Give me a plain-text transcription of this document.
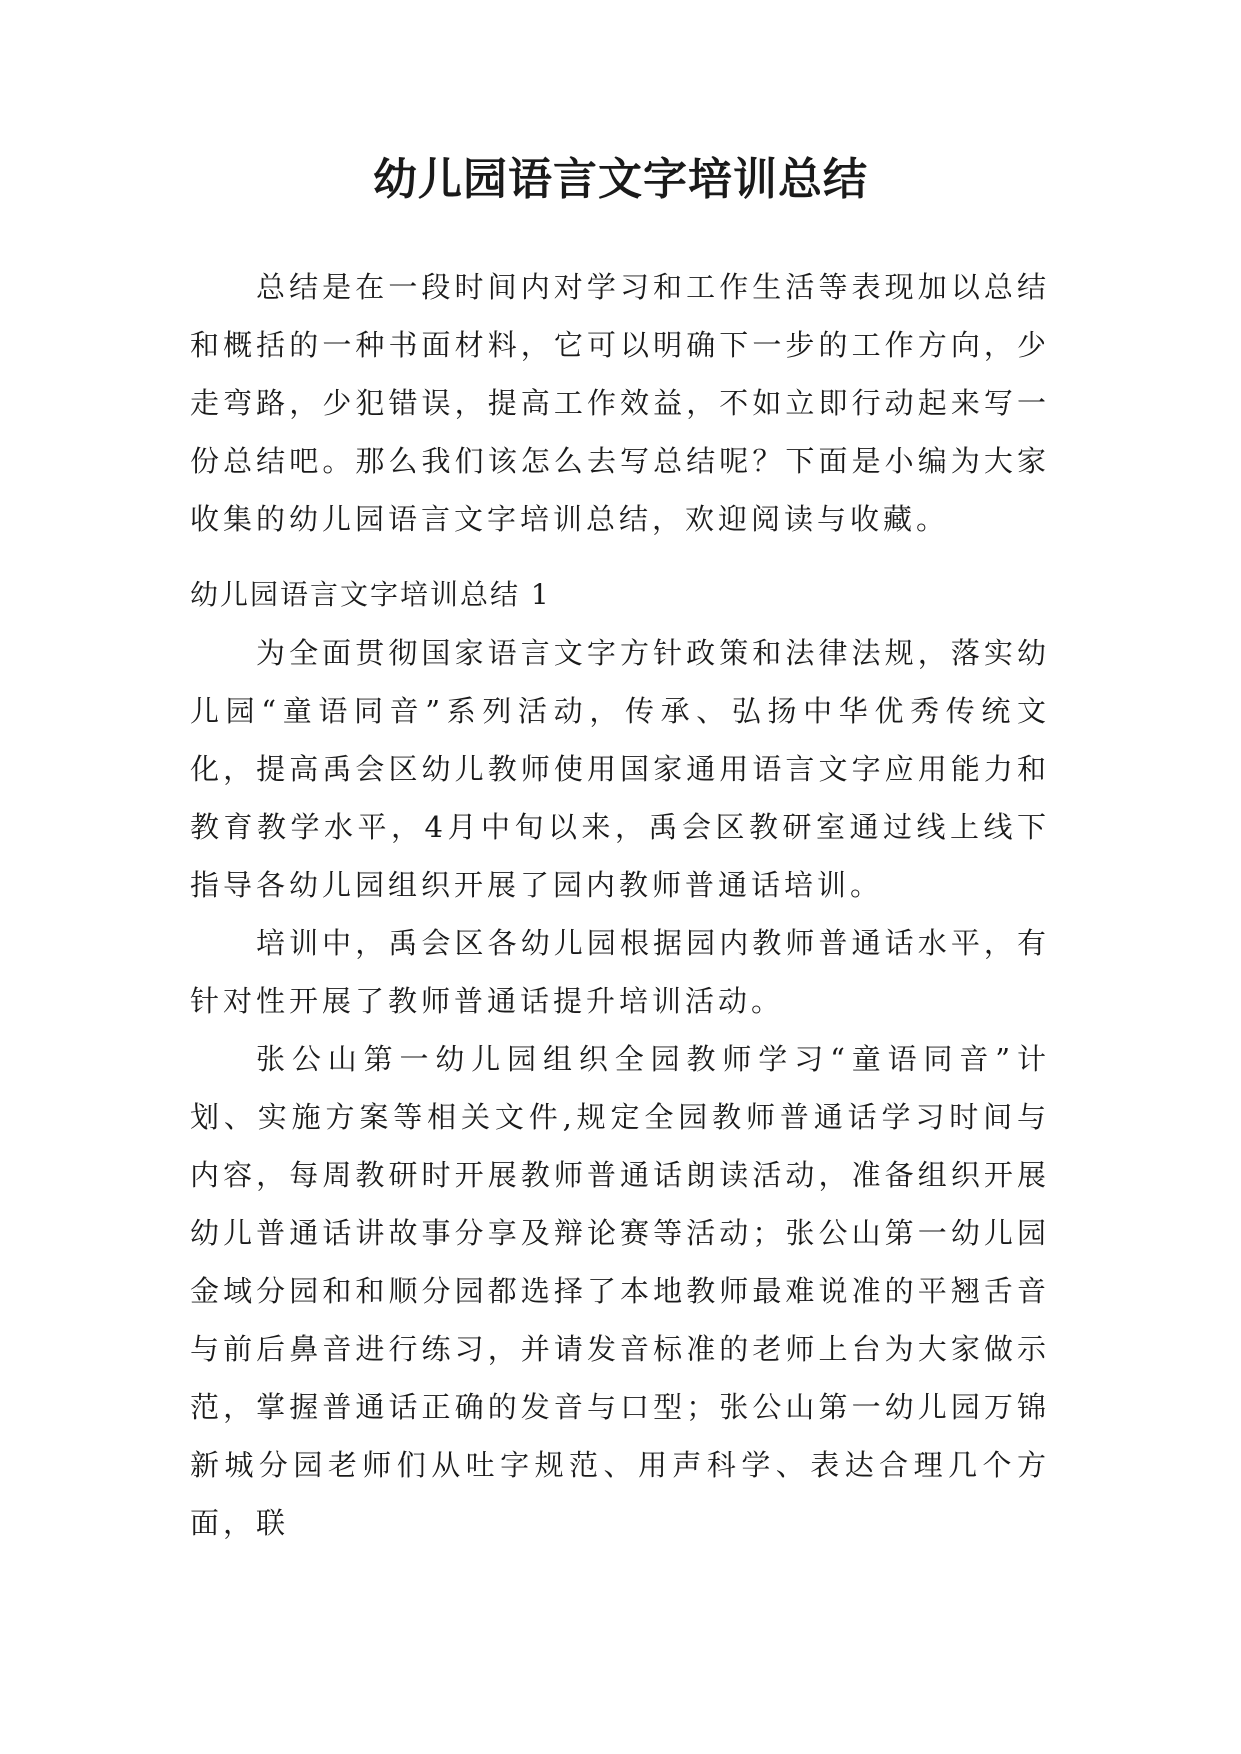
幼儿园语言文字培训总结

总结是在一段时间内对学习和工作生活等表现加以总结和概括的一种书面材料，它可以明确下一步的工作方向，少走弯路，少犯错误，提高工作效益，不如立即行动起来写一份总结吧。那么我们该怎么去写总结呢？下面是小编为大家收集的幼儿园语言文字培训总结，欢迎阅读与收藏。

幼儿园语言文字培训总结 1

为全面贯彻国家语言文字方针政策和法律法规，落实幼儿园“童语同音”系列活动，传承、弘扬中华优秀传统文化，提高禹会区幼儿教师使用国家通用语言文字应用能力和教育教学水平，4月中旬以来，禹会区教研室通过线上线下指导各幼儿园组织开展了园内教师普通话培训。

培训中，禹会区各幼儿园根据园内教师普通话水平，有针对性开展了教师普通话提升培训活动。

张公山第一幼儿园组织全园教师学习“童语同音”计划、实施方案等相关文件,规定全园教师普通话学习时间与内容，每周教研时开展教师普通话朗读活动，准备组织开展幼儿普通话讲故事分享及辩论赛等活动；张公山第一幼儿园金域分园和和顺分园都选择了本地教师最难说准的平翘舌音与前后鼻音进行练习，并请发音标准的老师上台为大家做示范，掌握普通话正确的发音与口型；张公山第一幼儿园万锦新城分园老师们从吐字规范、用声科学、表达合理几个方面，联
